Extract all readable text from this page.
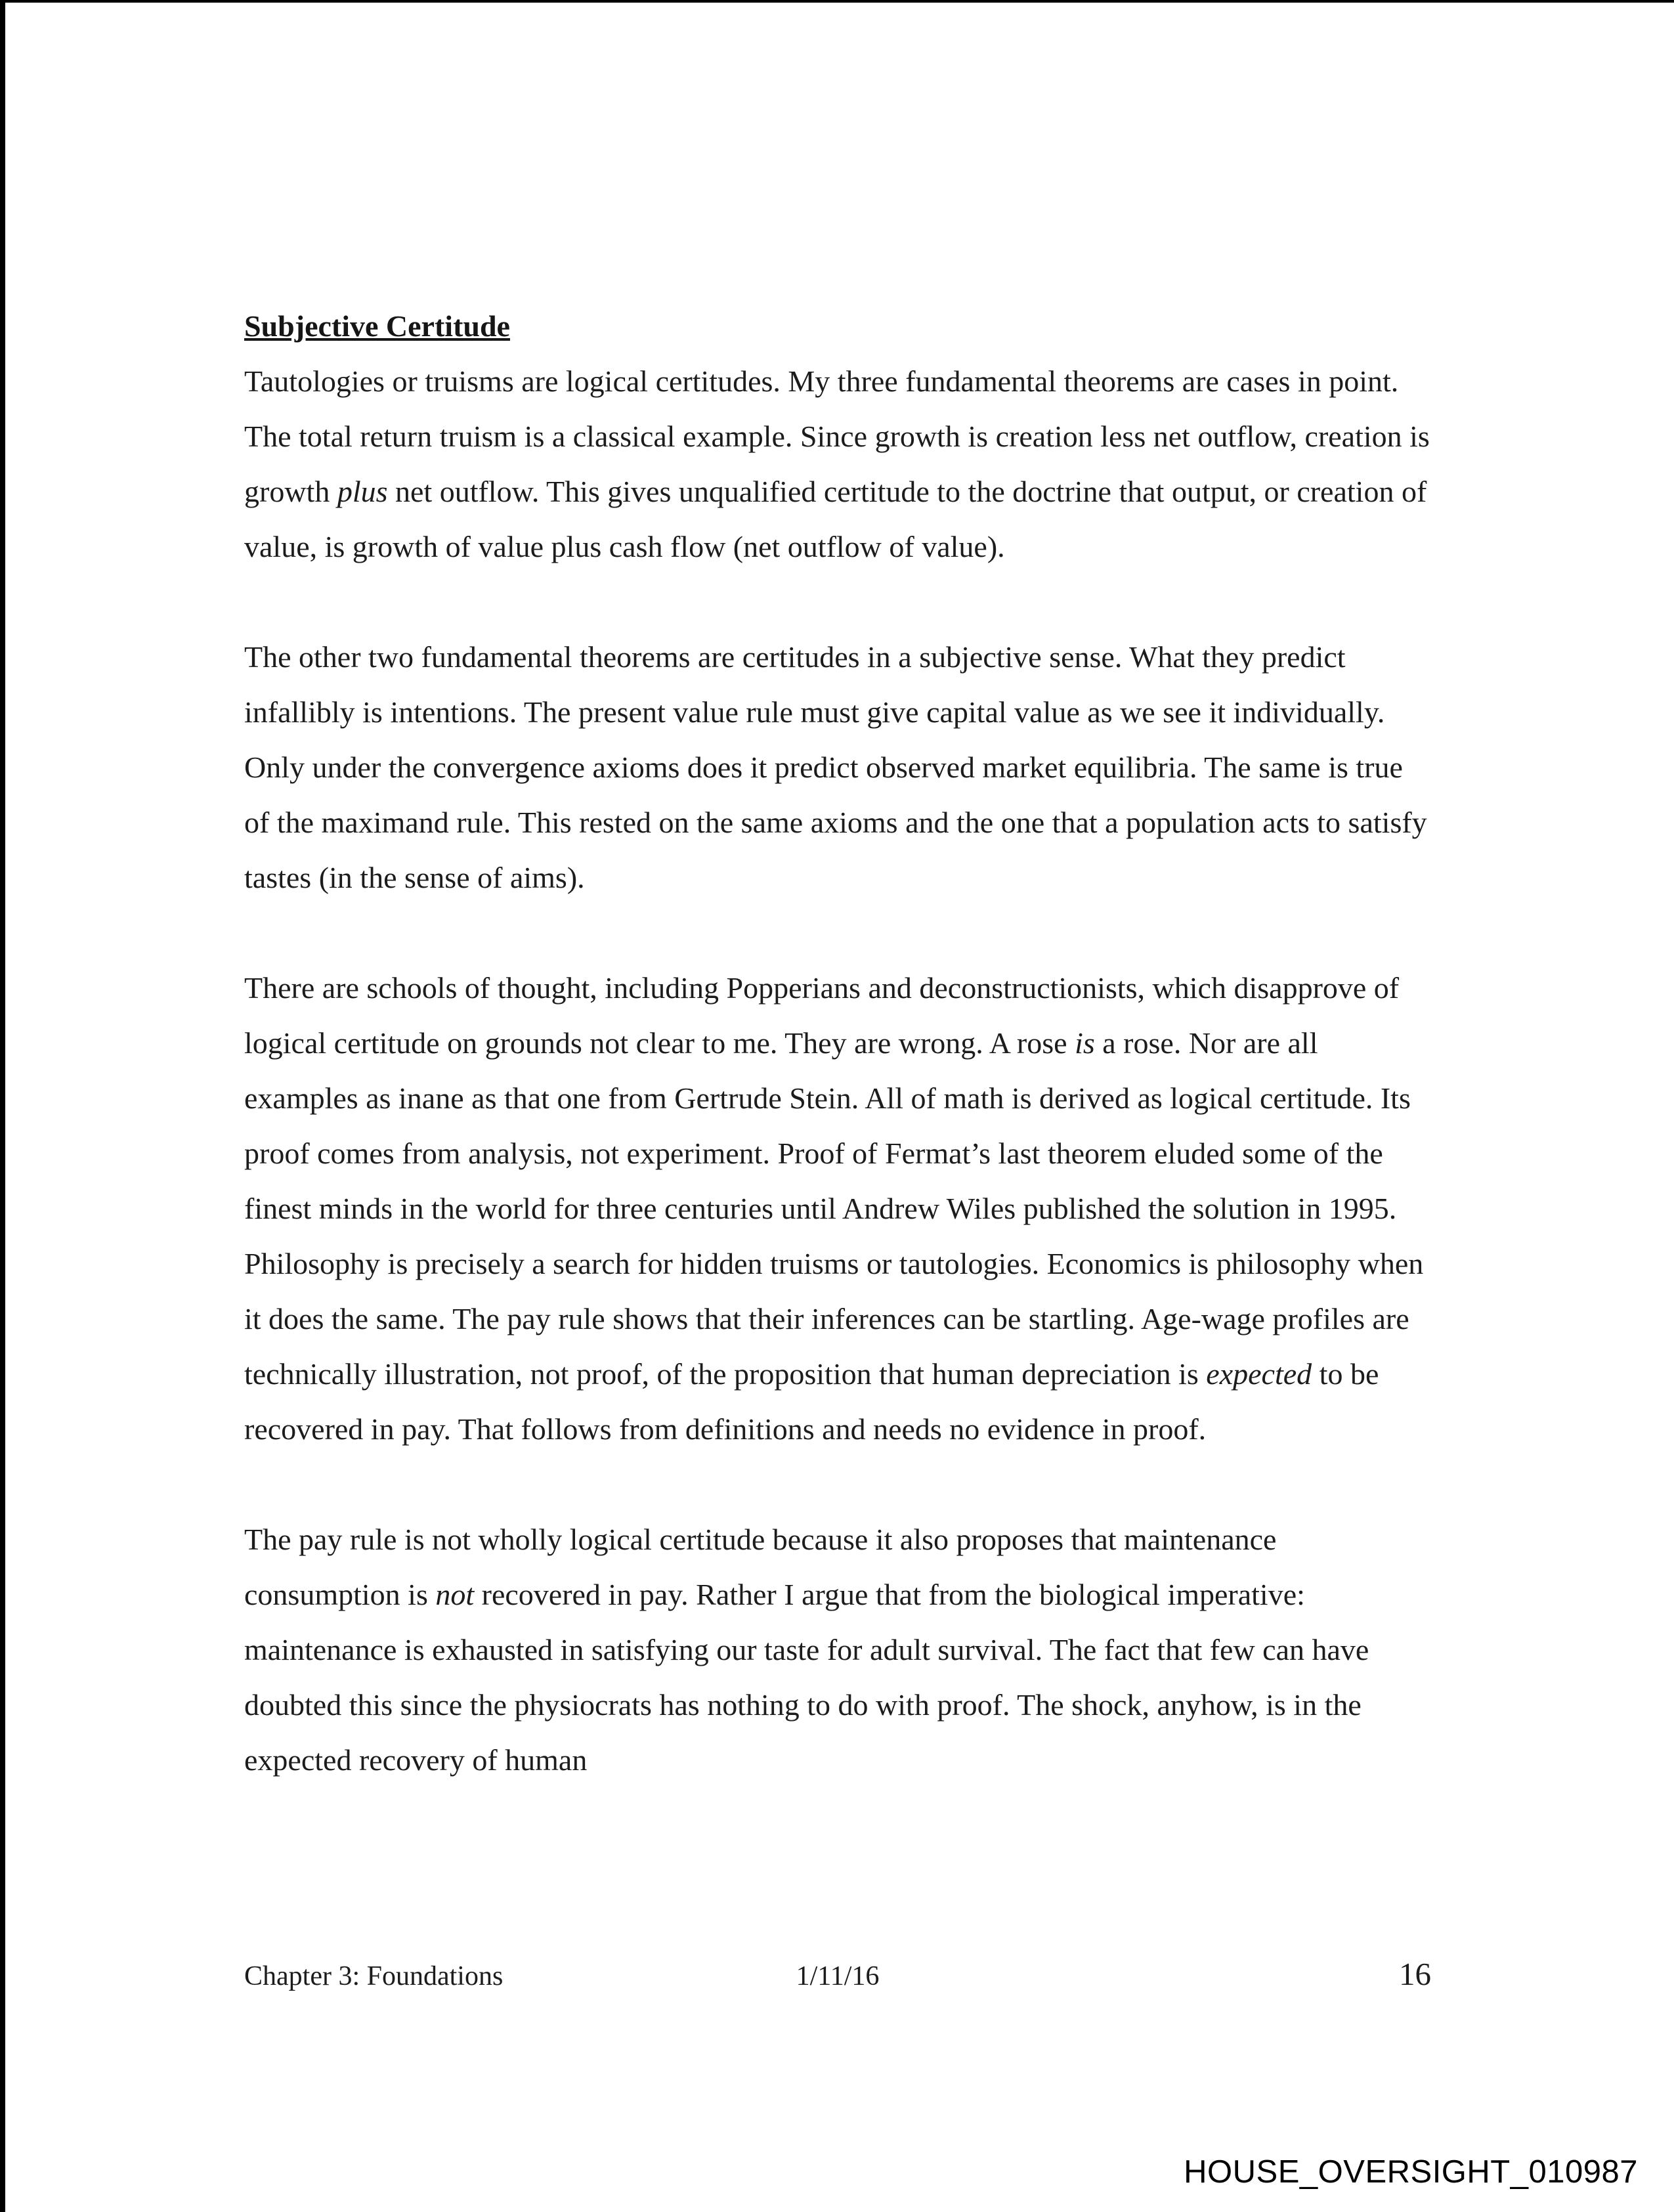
Subjective Certitude

Tautologies or truisms are logical certitudes. My three fundamental theorems are cases in point. The total return truism is a classical example. Since growth is creation less net outflow, creation is growth plus net outflow. This gives unqualified certitude to the doctrine that output, or creation of value, is growth of value plus cash flow (net outflow of value).

The other two fundamental theorems are certitudes in a subjective sense. What they predict infallibly is intentions. The present value rule must give capital value as we see it individually. Only under the convergence axioms does it predict observed market equilibria. The same is true of the maximand rule. This rested on the same axioms and the one that a population acts to satisfy tastes (in the sense of aims).

There are schools of thought, including Popperians and deconstructionists, which disapprove of logical certitude on grounds not clear to me. They are wrong. A rose is a rose. Nor are all examples as inane as that one from Gertrude Stein. All of math is derived as logical certitude. Its proof comes from analysis, not experiment. Proof of Fermat’s last theorem eluded some of the finest minds in the world for three centuries until Andrew Wiles published the solution in 1995. Philosophy is precisely a search for hidden truisms or tautologies. Economics is philosophy when it does the same. The pay rule shows that their inferences can be startling. Age-wage profiles are technically illustration, not proof, of the proposition that human depreciation is expected to be recovered in pay. That follows from definitions and needs no evidence in proof.

The pay rule is not wholly logical certitude because it also proposes that maintenance consumption is not recovered in pay. Rather I argue that from the biological imperative: maintenance is exhausted in satisfying our taste for adult survival. The fact that few can have doubted this since the physiocrats has nothing to do with proof. The shock, anyhow, is in the expected recovery of human

Chapter 3: Foundations	1/11/16	16
HOUSE_OVERSIGHT_010987
